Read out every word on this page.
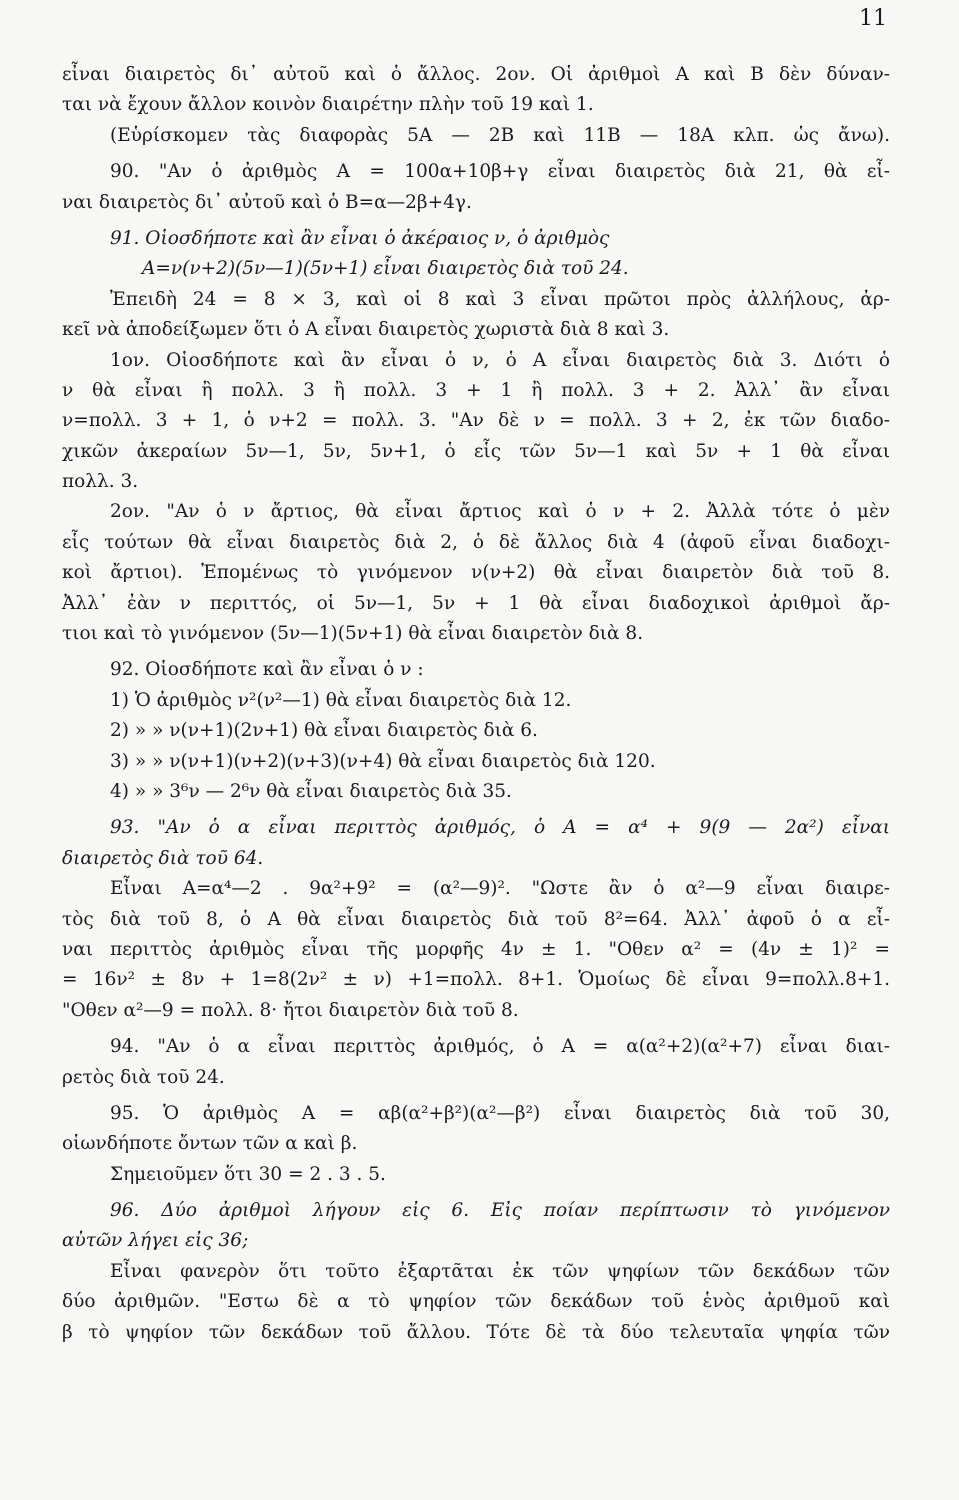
11
εἶναι διαιρετὸς δι᾽ αὐτοῦ καὶ ὁ ἄλλος. 2ον. Οἱ ἀριθμοὶ Α καὶ Β δὲν δύναν-
ται νὰ ἔχουν ἄλλον κοινὸν διαιρέτην πλὴν τοῦ 19 καὶ 1.
(Εὑρίσκομεν τὰς διαφορὰς 5Α — 2Β καὶ 11Β — 18Α κλπ. ὡς ἄνω).
90. "Αν ὁ ἀριθμὸς Α = 100α+10β+γ εἶναι διαιρετὸς διὰ 21, θὰ εἶ-
ναι διαιρετὸς δι᾽ αὐτοῦ καὶ ὁ Β=α—2β+4γ.
91. Οἱοσδήποτε καὶ ἂν εἶναι ὁ ἀκέραιος ν, ὁ ἀριθμὸς
Α=ν(ν+2)(5ν—1)(5ν+1) εἶναι διαιρετὸς διὰ τοῦ 24.
Ἐπειδὴ 24 = 8 × 3, καὶ οἱ 8 καὶ 3 εἶναι πρῶτοι πρὸς ἀλλήλους, ἀρ-
κεῖ νὰ ἀποδείξωμεν ὅτι ὁ Α εἶναι διαιρετὸς χωριστὰ διὰ 8 καὶ 3.
1ον. Οἱοσδήποτε καὶ ἂν εἶναι ὁ ν, ὁ Α εἶναι διαιρετὸς διὰ 3. Διότι ὁ
ν θὰ εἶναι ἢ πολλ. 3 ἢ πολλ. 3 + 1 ἢ πολλ. 3 + 2. Ἀλλ᾽ ἂν εἶναι
ν=πολλ. 3 + 1, ὁ ν+2 = πολλ. 3. "Αν δὲ ν = πολλ. 3 + 2, ἐκ τῶν διαδο-
χικῶν ἀκεραίων 5ν—1, 5ν, 5ν+1, ὁ εἷς τῶν 5ν—1 καὶ 5ν + 1 θὰ εἶναι
πολλ. 3.
2ον. "Αν ὁ ν ἄρτιος, θὰ εἶναι ἄρτιος καὶ ὁ ν + 2. Ἀλλὰ τότε ὁ μὲν
εἷς τούτων θὰ εἶναι διαιρετὸς διὰ 2, ὁ δὲ ἄλλος διὰ 4 (ἀφοῦ εἶναι διαδοχι-
κοὶ ἄρτιοι). Ἑπομένως τὸ γινόμενον ν(ν+2) θὰ εἶναι διαιρετὸν διὰ τοῦ 8.
Ἀλλ᾽ ἐὰν ν περιττός, οἱ 5ν—1, 5ν + 1 θὰ εἶναι διαδοχικοὶ ἀριθμοὶ ἄρ-
τιοι καὶ τὸ γινόμενον (5ν—1)(5ν+1) θὰ εἶναι διαιρετὸν διὰ 8.
92. Οἱοσδήποτε καὶ ἂν εἶναι ὁ ν :
1) Ὁ ἀριθμὸς ν²(ν²—1) θὰ εἶναι διαιρετὸς διὰ 12.
2) » » ν(ν+1)(2ν+1) θὰ εἶναι διαιρετὸς διὰ 6.
3) » » ν(ν+1)(ν+2)(ν+3)(ν+4) θὰ εἶναι διαιρετὸς διὰ 120.
4) » » 3⁶ν — 2⁶ν θὰ εἶναι διαιρετὸς διὰ 35.
93. "Αν ὁ α εἶναι περιττὸς ἀριθμός, ὁ Α = α⁴ + 9(9 — 2α²) εἶναι
διαιρετὸς διὰ τοῦ 64.
Εἶναι Α=α⁴—2 . 9α²+9² = (α²—9)². "Ωστε ἂν ὁ α²—9 εἶναι διαιρε-
τὸς διὰ τοῦ 8, ὁ Α θὰ εἶναι διαιρετὸς διὰ τοῦ 8²=64. Ἀλλ᾽ ἀφοῦ ὁ α εἶ-
ναι περιττὸς ἀριθμὸς εἶναι τῆς μορφῆς 4ν ± 1. "Οθεν α² = (4ν ± 1)² =
= 16ν² ± 8ν + 1=8(2ν² ± ν) +1=πολλ. 8+1. Ὁμοίως δὲ εἶναι 9=πολλ.8+1.
"Οθεν α²—9 = πολλ. 8· ἤτοι διαιρετὸν διὰ τοῦ 8.
94. "Αν ὁ α εἶναι περιττὸς ἀριθμός, ὁ Α = α(α²+2)(α²+7) εἶναι διαι-
ρετὸς διὰ τοῦ 24.
95. Ὁ ἀριθμὸς Α = αβ(α²+β²)(α²—β²) εἶναι διαιρετὸς διὰ τοῦ 30,
οἱωνδήποτε ὄντων τῶν α καὶ β.
Σημειοῦμεν ὅτι 30 = 2 . 3 . 5.
96. Δύο ἀριθμοὶ λήγουν εἰς 6. Εἰς ποίαν περίπτωσιν τὸ γινόμενον
αὐτῶν λήγει εἰς 36;
Εἶναι φανερὸν ὅτι τοῦτο ἐξαρτᾶται ἐκ τῶν ψηφίων τῶν δεκάδων τῶν
δύο ἀριθμῶν. "Εστω δὲ α τὸ ψηφίον τῶν δεκάδων τοῦ ἑνὸς ἀριθμοῦ καὶ
β τὸ ψηφίον τῶν δεκάδων τοῦ ἄλλου. Τότε δὲ τὰ δύο τελευταῖα ψηφία τῶν
